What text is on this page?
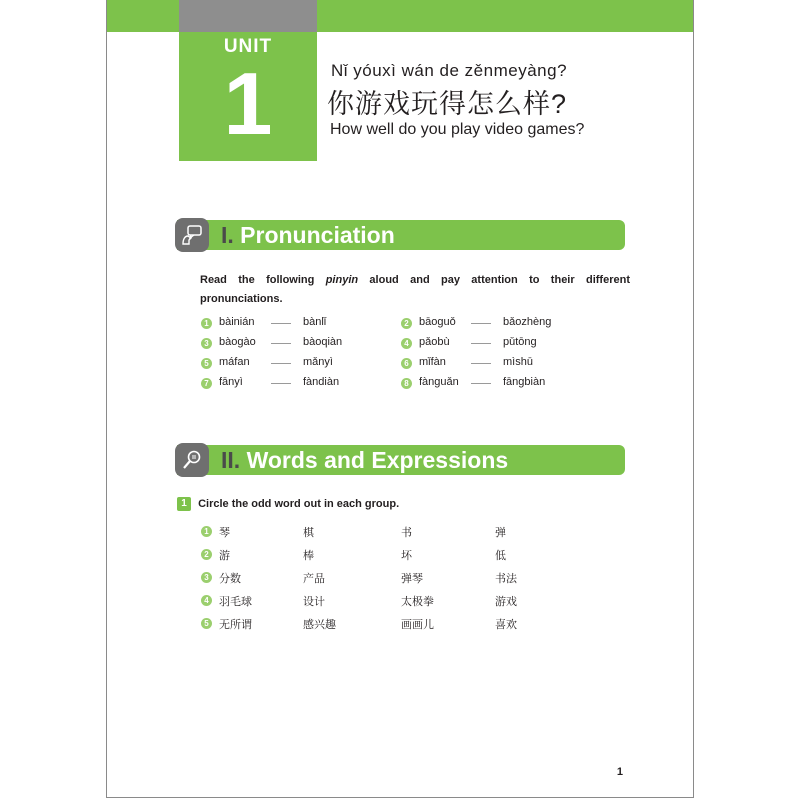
UNIT
1	Nǐ yóuxì wán de zěnmeyàng?
你游戏玩得怎么样?
How well do you play video games?
I. Pronunciation
Read the following pinyin aloud and pay attention to their different pronunciations.
1 bàinián	bànlǐ	2 bāoguǒ	bǎozhèng
3 bàogào	bàoqiàn	4 pǎobù	pǔtōng
5 máfan	mǎnyì	6 mǐfàn	mìshū
7 fānyì	fàndiàn	8 fànguǎn	fāngbiàn
II. Words and Expressions
1 Circle the odd word out in each group.
1 琴	棋	书	弹
2 游	棒	坏	低
3 分数	产品	弹琴	书法
4 羽毛球	设计	太极拳	游戏
5 无所谓	感兴趣	画画儿	喜欢
1
